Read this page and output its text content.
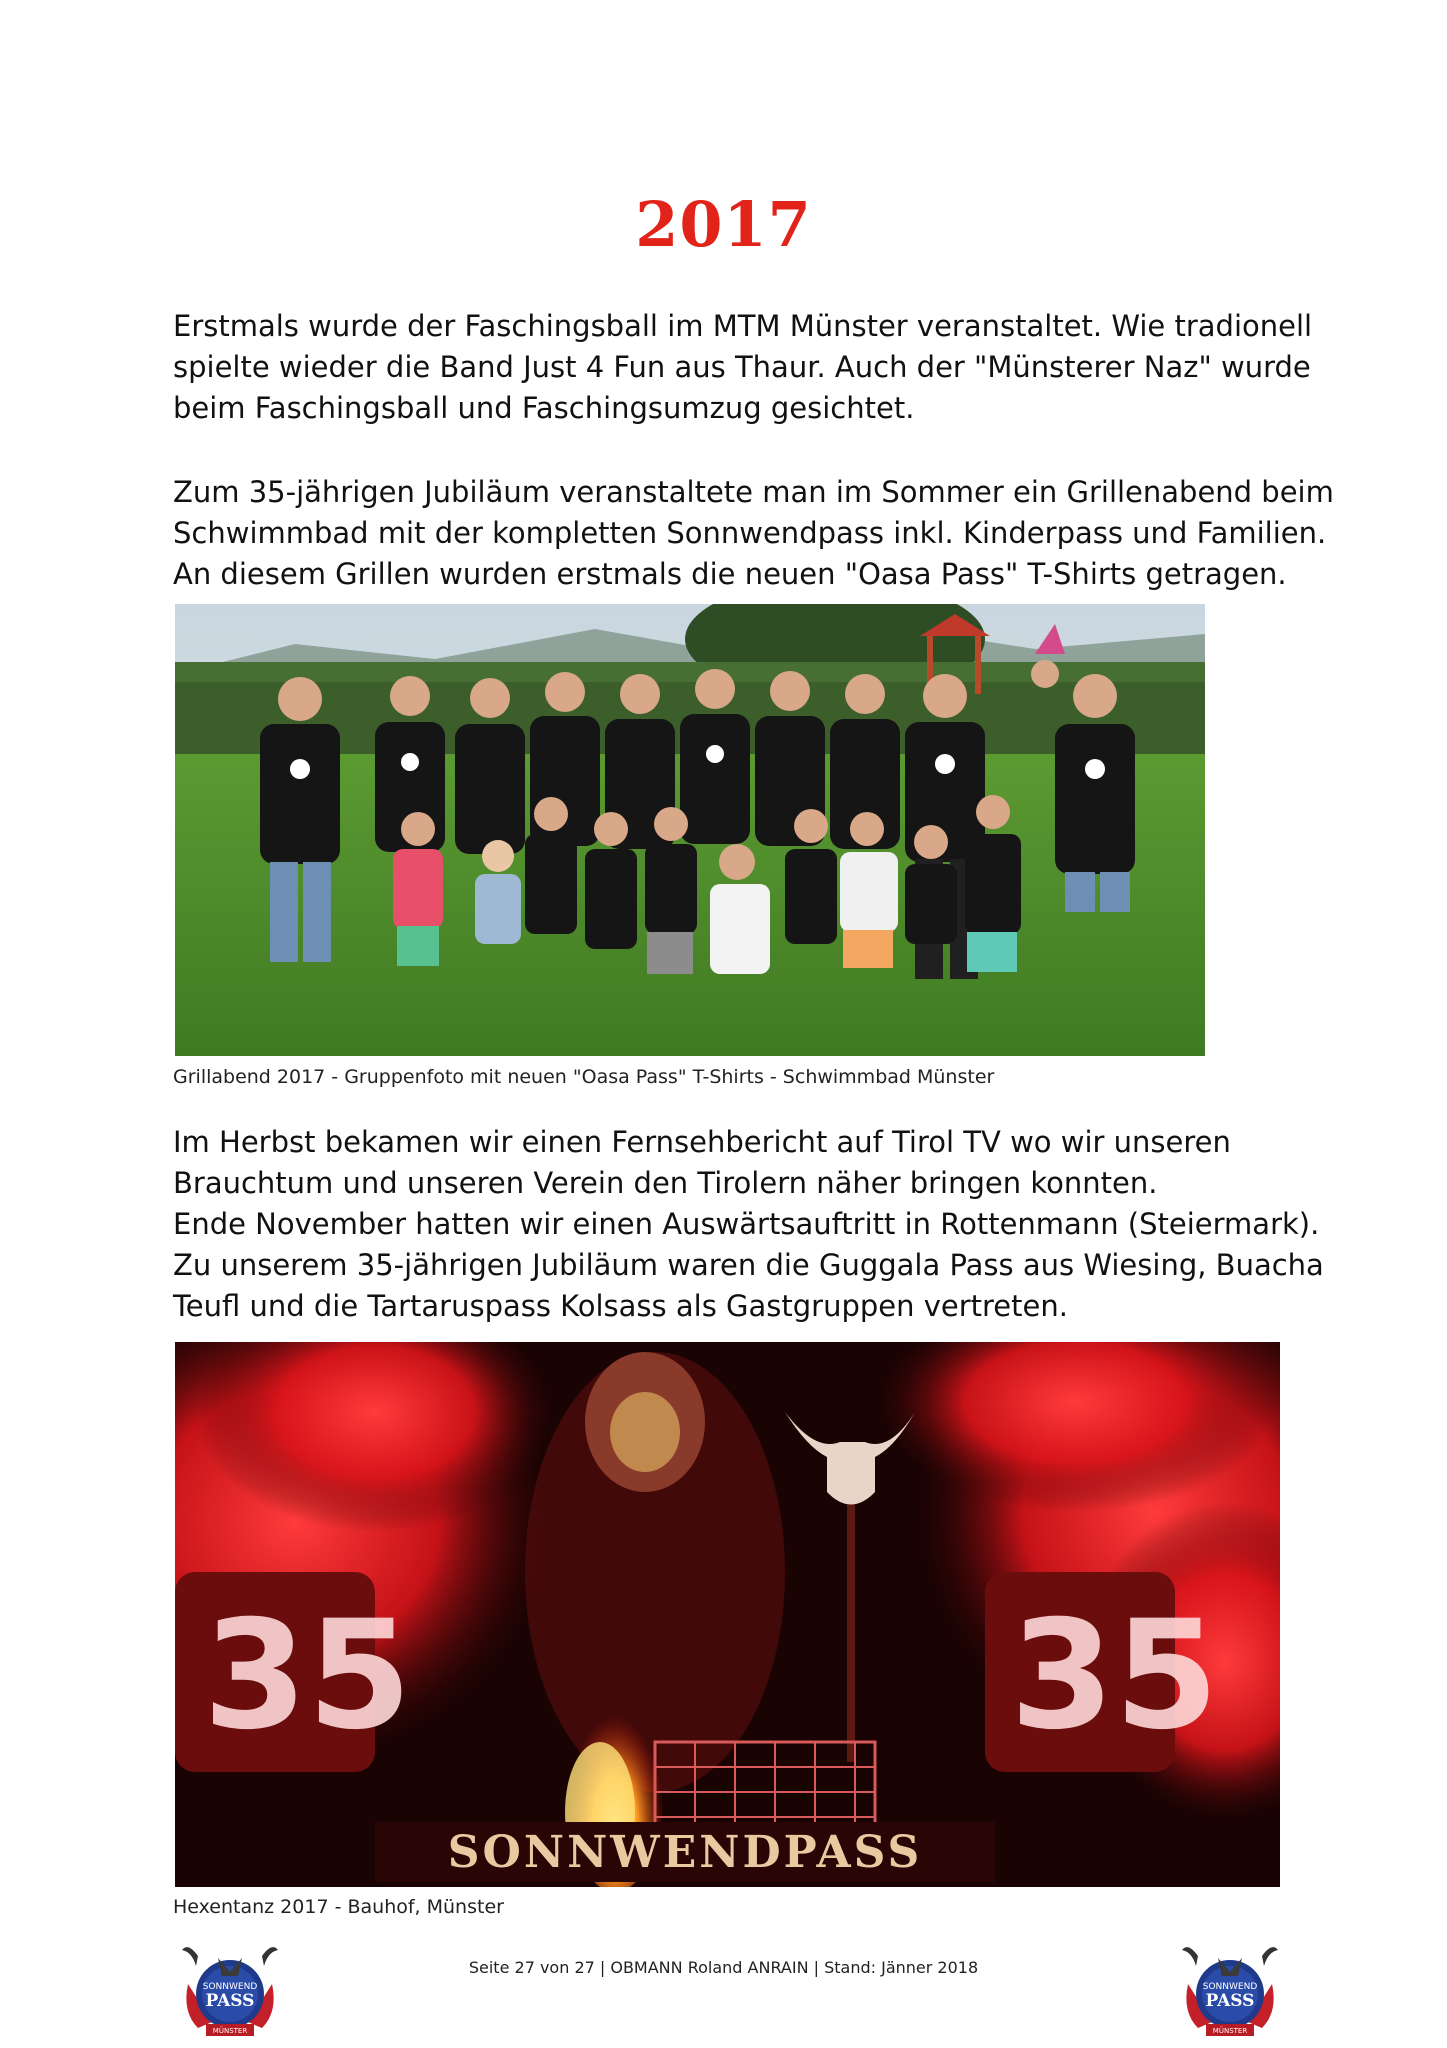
2017

Erstmals wurde der Faschingsball im MTM Münster veranstaltet. Wie tradionell
spielte wieder die Band Just 4 Fun aus Thaur. Auch der "Münsterer Naz" wurde
beim Faschingsball und Faschingsumzug gesichtet.

Zum 35-jährigen Jubiläum veranstaltete man im Sommer ein Grillenabend beim
Schwimmbad mit der kompletten Sonnwendpass inkl. Kinderpass und Familien.
An diesem Grillen wurden erstmals die neuen "Oasa Pass" T-Shirts getragen.

Grillabend 2017 - Gruppenfoto mit neuen "Oasa Pass" T-Shirts - Schwimmbad Münster

Im Herbst bekamen wir einen Fernsehbericht auf Tirol TV wo wir unseren
Brauchtum und unseren Verein den Tirolern näher bringen konnten.
Ende November hatten wir einen Auswärtsauftritt in Rottenmann (Steiermark).
Zu unserem 35-jährigen Jubiläum waren die Guggala Pass aus Wiesing, Buacha
Teufl und die Tartaruspass Kolsass als Gastgruppen vertreten.

35	35
SONNWENDPASS
Hexentanz 2017 - Bauhof, Münster
Seite 27 von 27 | OBMANN Roland ANRAIN | Stand: Jänner 2018
SONNWEND
PASS
MÜNSTER
SONNWEND
PASS
MÜNSTER
